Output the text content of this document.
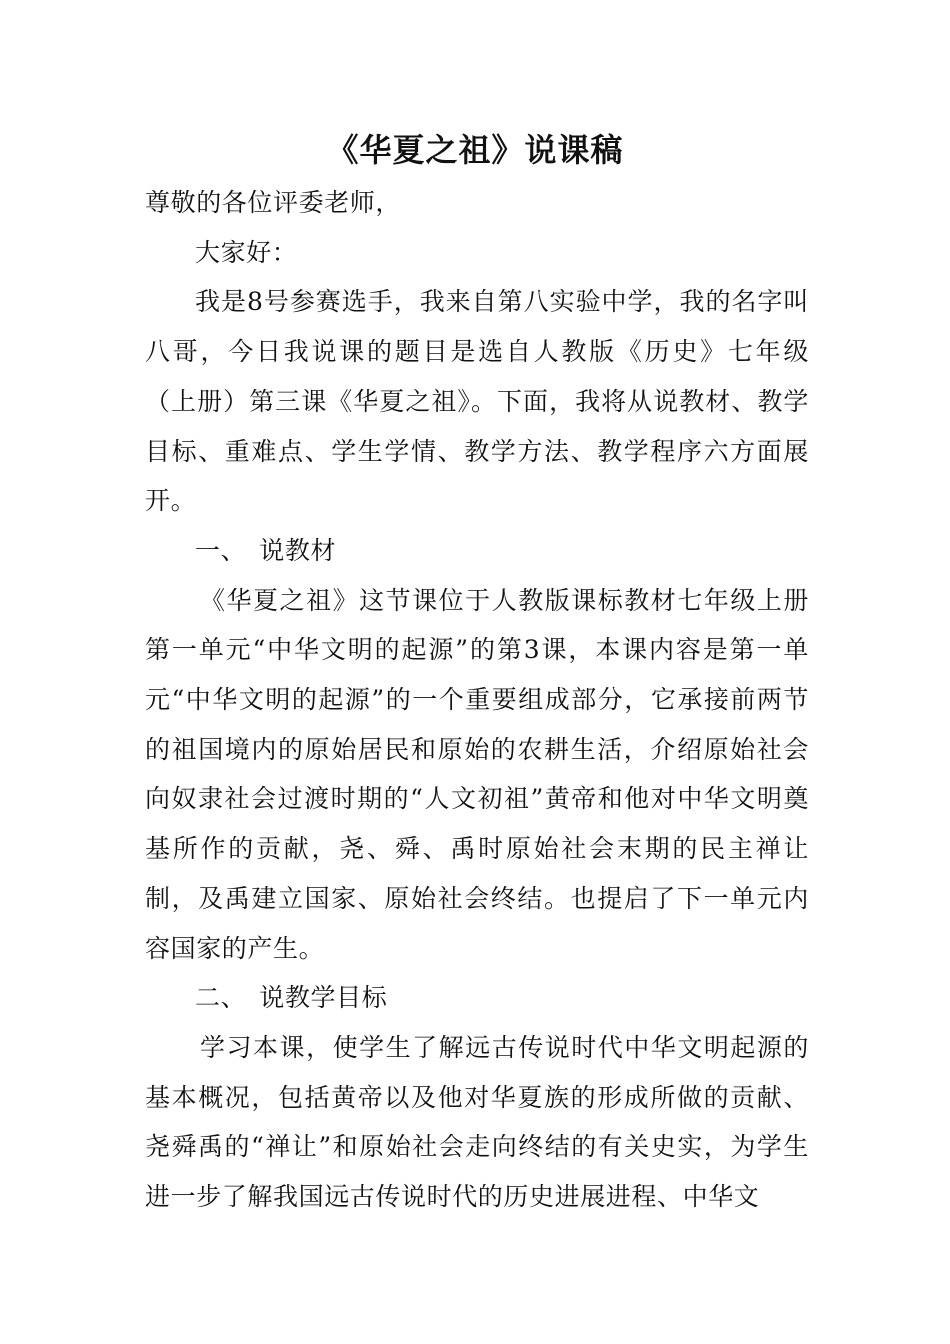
《华夏之祖》说课稿

尊敬的各位评委老师，

大家好：

我是8号参赛选手，我来自第八实验中学，我的名字叫八哥，今日我说课的题目是选自人教版《历史》七年级（上册）第三课《华夏之祖》。下面，我将从说教材、教学目标、重难点、学生学情、教学方法、教学程序六方面展开。

一、　说教材

《华夏之祖》这节课位于人教版课标教材七年级上册第一单元“中华文明的起源”的第3课，本课内容是第一单元“中华文明的起源”的一个重要组成部分，它承接前两节的祖国境内的原始居民和原始的农耕生活，介绍原始社会向奴隶社会过渡时期的“人文初祖”黄帝和他对中华文明奠基所作的贡献，尧、舜、禹时原始社会末期的民主禅让制，及禹建立国家、原始社会终结。也提启了下一单元内容国家的产生。

二、　说教学目标

学习本课，使学生了解远古传说时代中华文明起源的基本概况，包括黄帝以及他对华夏族的形成所做的贡献、尧舜禹的“禅让”和原始社会走向终结的有关史实，为学生进一步了解我国远古传说时代的历史进展进程、中华文
